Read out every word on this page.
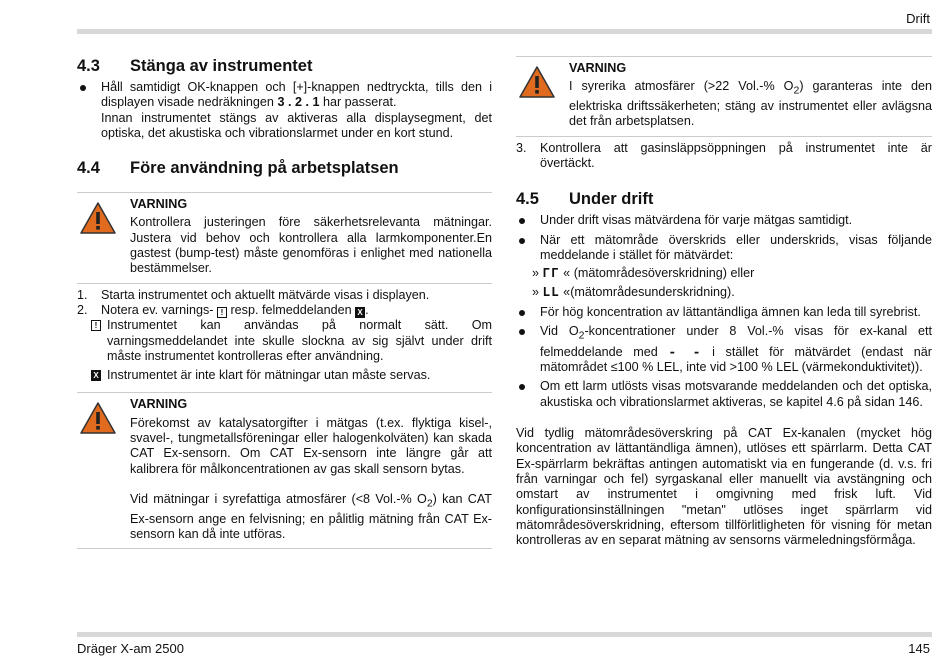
Drift
4.3	Stänga av instrumentet
Håll samtidigt OK-knappen och [+]-knappen nedtryckta, tills den i displayen visade nedräkningen 3 . 2 . 1 har passerat.
Innan instrumentet stängs av aktiveras alla displaysegment, det optiska, det akustiska och vibrationslarmet under en kort stund.
4.4	Före användning på arbetsplatsen
VARNING
Kontrollera justeringen före säkerhetsrelevanta mätningar. Justera vid behov och kontrollera alla larmkomponenter.En gastest (bump-test) måste genomföras i enlighet med nationella bestämmelser.
1. Starta instrumentet och aktuellt mätvärde visas i displayen.
2. Notera ev. varnings- ! resp. felmeddelanden X .
! Instrumentet kan användas på normalt sätt. Om varningsmeddelandet inte skulle slockna av sig självt under drift måste instrumentet kontrolleras efter användning.
X Instrumentet är inte klart för mätningar utan måste servas.
VARNING
Förekomst av katalysatorgifter i mätgas (t.ex. flyktiga kisel-, svavel-, tungmetallsföreningar eller halogenkolväten) kan skada CAT Ex-sensorn. Om CAT Ex-sensorn inte längre går att kalibrera för målkoncentrationen av gas skall sensorn bytas.
Vid mätningar i syrefattiga atmosfärer (<8 Vol.-% $O_2$) kan CAT Ex-sensorn ange en felvisning; en pålitlig mätning från CAT Ex-sensorn kan då inte utföras.
VARNING
I syrerika atmosfärer (>22 Vol.-% $O_2$) garanteras inte den elektriska driftssäkerheten; stäng av instrumentet eller avlägsna det från arbetsplatsen.
3. Kontrollera att gasinsläppsöppningen på instrumentet inte är övertäckt.
4.5	Under drift
Under drift visas mätvärdena för varje mätgas samtidigt.
När ett mätområde överskrids eller underskrids, visas följande meddelande i stället för mätvärdet:
» ΓΓ « (mätområdesöverskridning) eller
» LL «(mätområdesunderskridning).
För hög koncentration av lättantändliga ämnen kan leda till syrebrist.
Vid $O_2$-koncentrationer under 8 Vol.-% visas för ex-kanal ett felmeddelande med - - i stället för mätvärdet (endast när mätområdet ≤100 % LEL, inte vid >100 % LEL (värmekonduktivitet)).
Om ett larm utlösts visas motsvarande meddelanden och det optiska, akustiska och vibrationslarmet aktiveras, se kapitel 4.6 på sidan 146.
Vid tydlig mätområdesöverskring på CAT Ex-kanalen (mycket hög koncentration av lättantändliga ämnen), utlöses ett spärrlarm. Detta CAT Ex-spärrlarm bekräftas antingen automatiskt via en fungerande (d. v.s. fri från varningar och fel) syrgaskanal eller manuellt via avstängning och omstart av instrumentet i omgivning med frisk luft. Vid konfigurationsinställningen "metan" utlöses inget spärrlarm vid mätområdesöverskridning, eftersom tillförlitligheten för visning för metan kontrolleras av en separat mätning av sensorns värmeledningsförmåga.
Dräger X-am 2500	145
